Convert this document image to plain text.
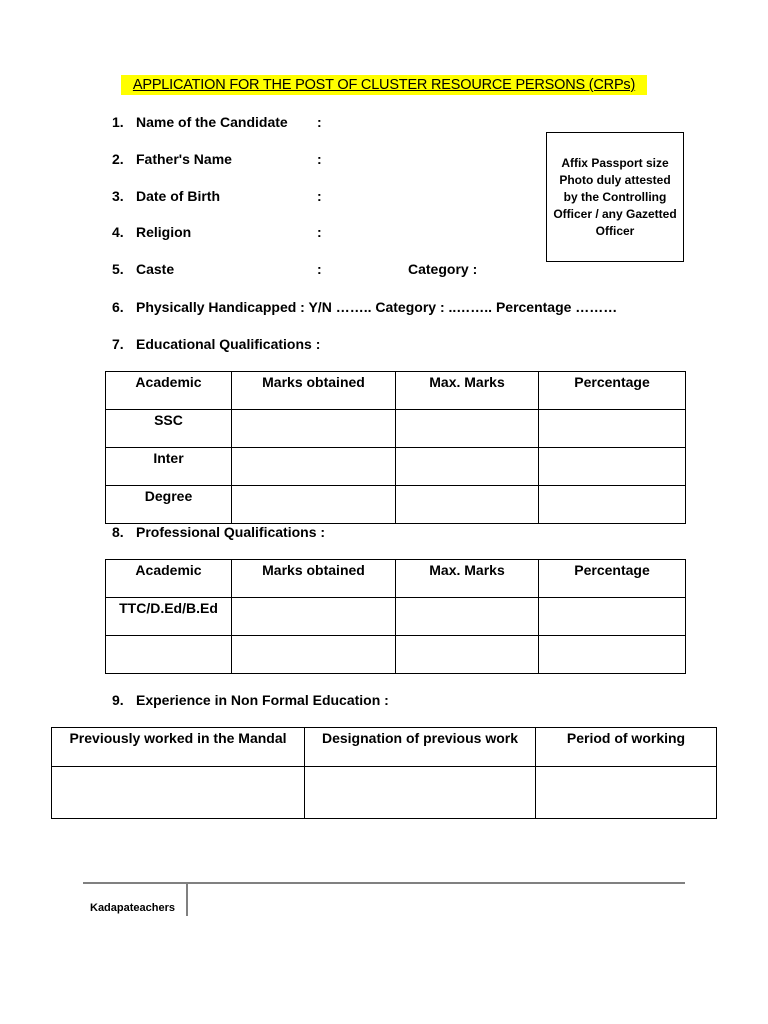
APPLICATION FOR THE POST OF CLUSTER RESOURCE PERSONS (CRPs)
1. Name of the Candidate :
2. Father's Name	:
3. Date of Birth	:
4. Religion	:
5. Caste	:	Category :
Affix Passport size Photo duly attested by the Controlling Officer / any Gazetted Officer
6. Physically Handicapped : Y/N …….. Category : ..…….. Percentage ………
7. Educational Qualifications :
Academic	Marks obtained	Max. Marks	Percentage
SSC			
Inter			
Degree			
8. Professional Qualifications :
Academic	Marks obtained	Max. Marks	Percentage
TTC/D.Ed/B.Ed			

9. Experience in Non Formal Education :
Previously worked in the Mandal	Designation of previous work	Period of working

Kadapateachers
